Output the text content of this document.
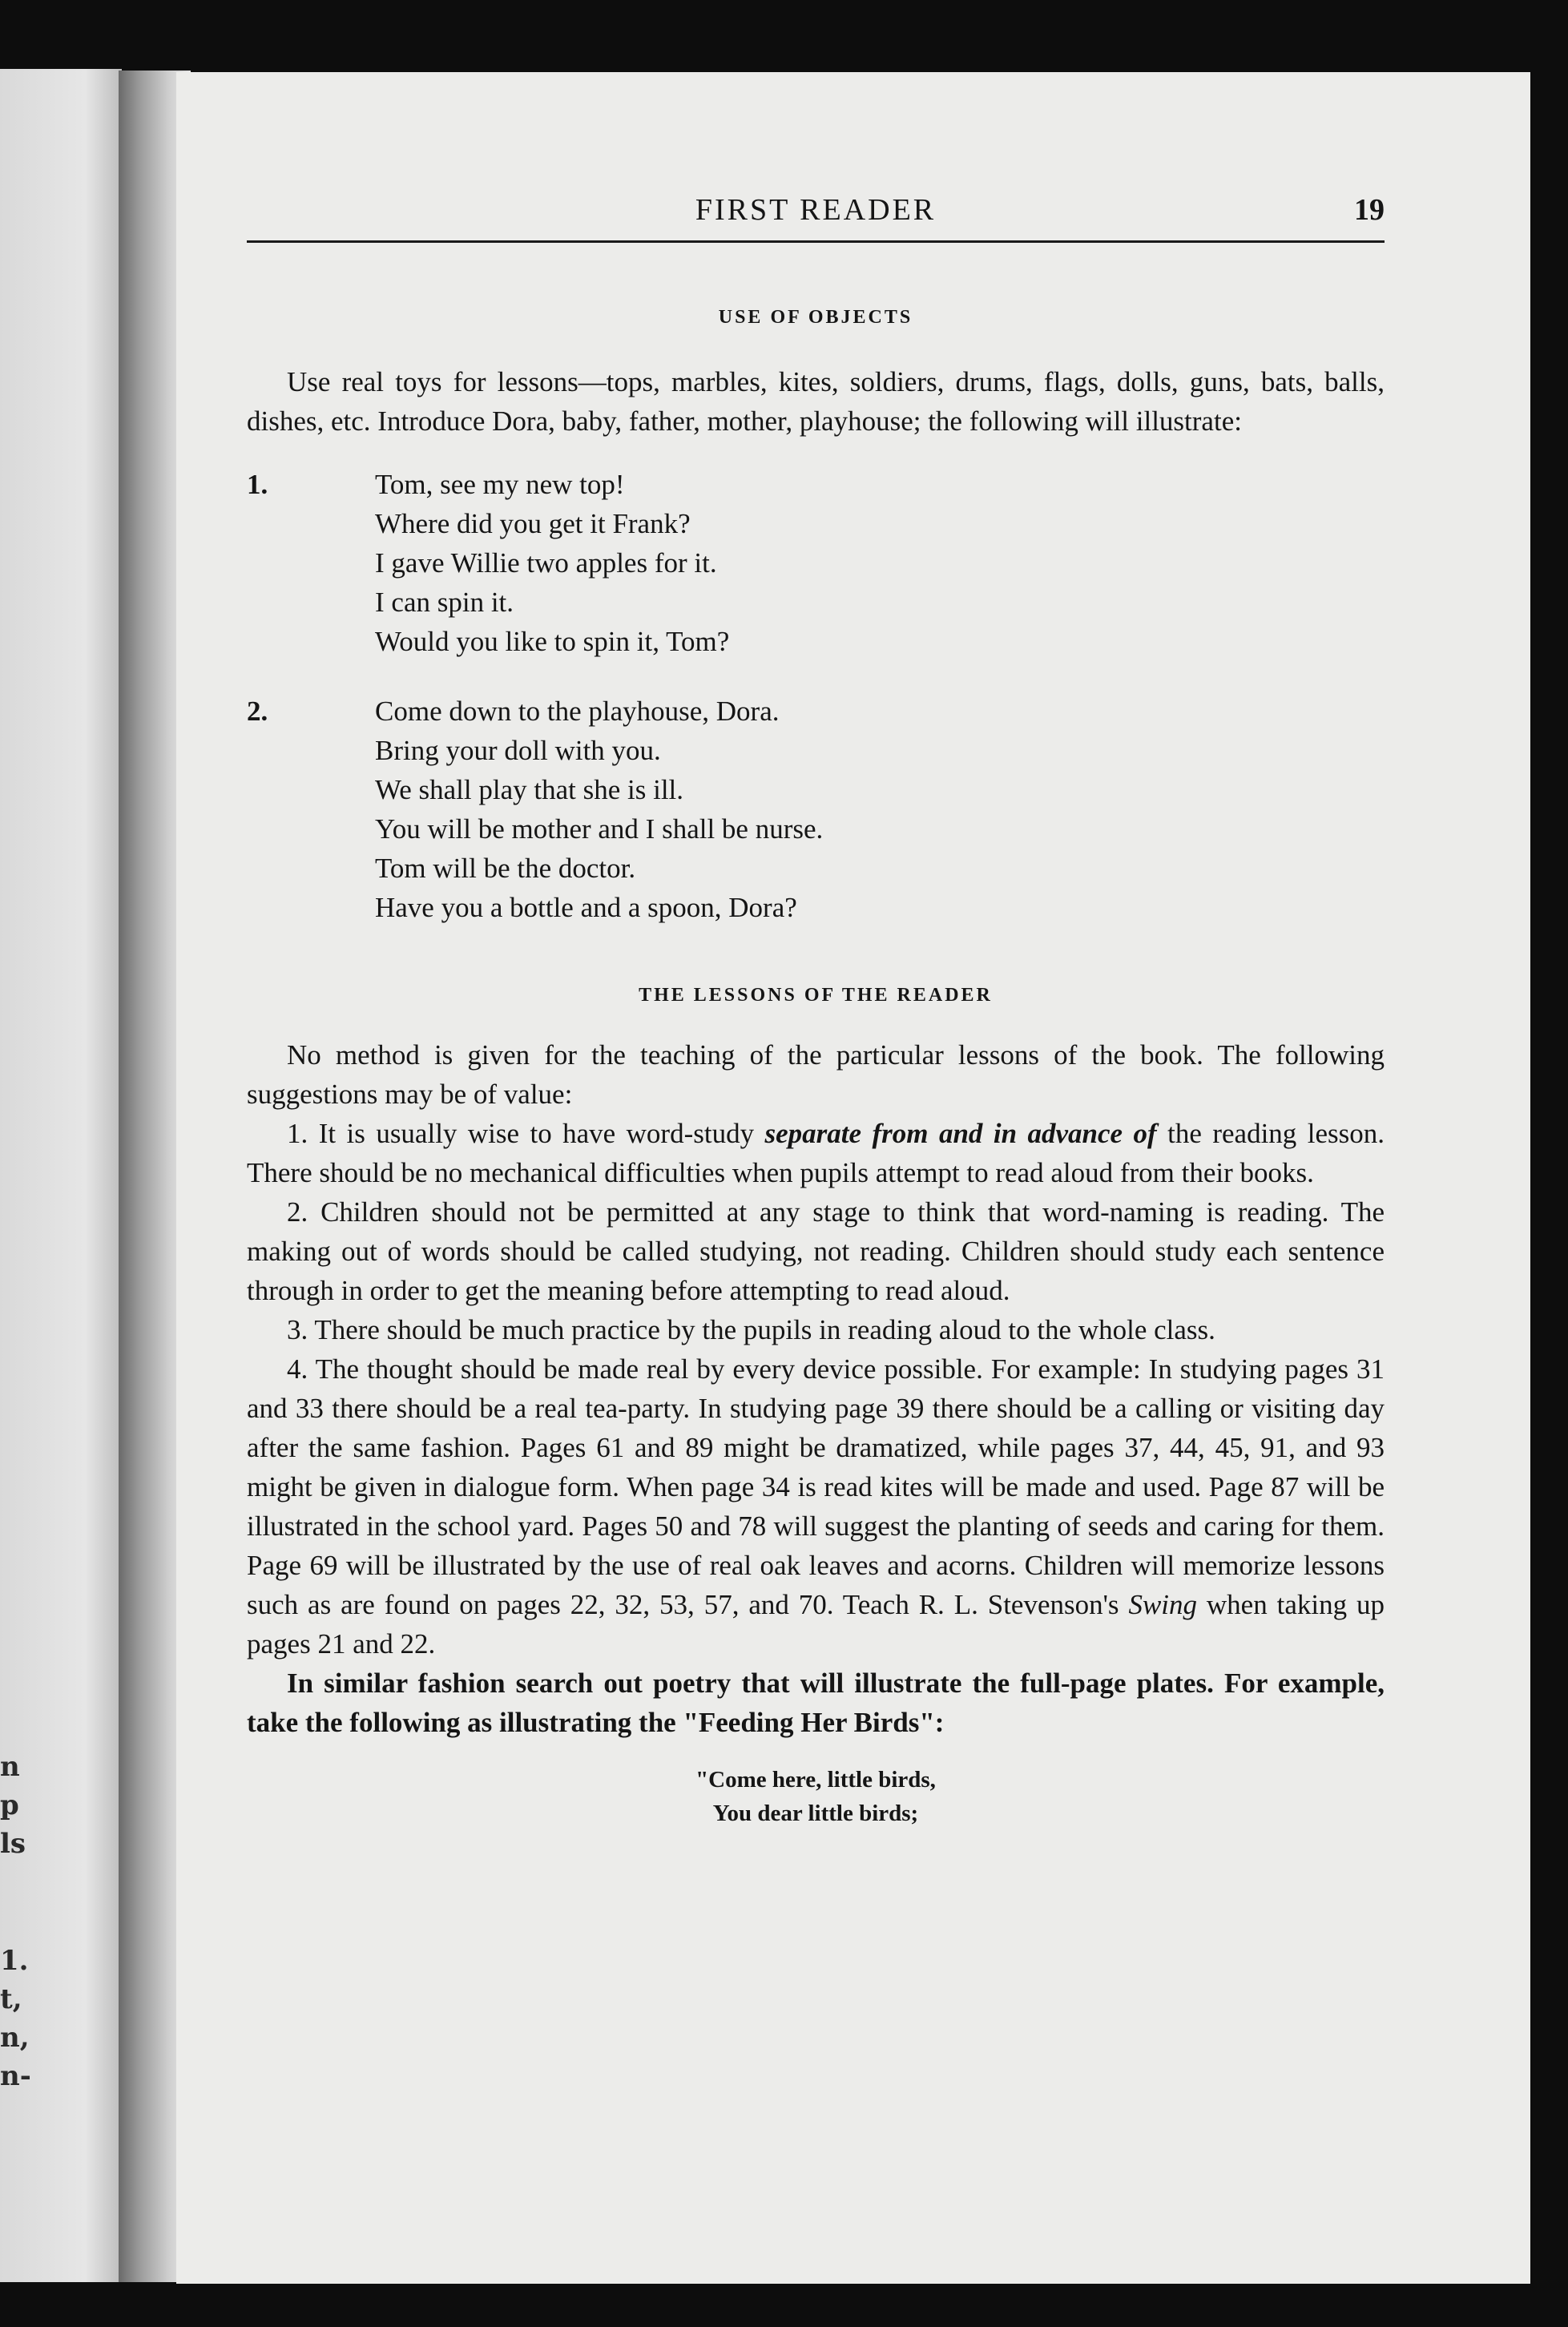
n
p
ls
1.
t,
n,
n-
FIRST READER	19
USE OF OBJECTS

Use real toys for lessons—tops, marbles, kites, soldiers, drums, flags, dolls, guns, bats, balls, dishes, etc. Introduce Dora, baby, father, mother, playhouse; the following will illustrate:

1.	Tom, see my new top!
Where did you get it Frank?
I gave Willie two apples for it.
I can spin it.
Would you like to spin it, Tom?
2.	Come down to the playhouse, Dora.
Bring your doll with you.
We shall play that she is ill.
You will be mother and I shall be nurse.
Tom will be the doctor.
Have you a bottle and a spoon, Dora?
THE LESSONS OF THE READER

No method is given for the teaching of the particular lessons of the book. The following suggestions may be of value:

1. It is usually wise to have word-study separate from and in advance of the reading lesson. There should be no mechanical difficulties when pupils attempt to read aloud from their books.

2. Children should not be permitted at any stage to think that word-naming is reading. The making out of words should be called studying, not reading. Children should study each sentence through in order to get the meaning before attempting to read aloud.

3. There should be much practice by the pupils in reading aloud to the whole class.

4. The thought should be made real by every device possible. For example: In studying pages 31 and 33 there should be a real tea-party. In studying page 39 there should be a calling or visiting day after the same fashion. Pages 61 and 89 might be dramatized, while pages 37, 44, 45, 91, and 93 might be given in dialogue form. When page 34 is read kites will be made and used. Page 87 will be illustrated in the school yard. Pages 50 and 78 will suggest the planting of seeds and caring for them. Page 69 will be illustrated by the use of real oak leaves and acorns. Children will memorize lessons such as are found on pages 22, 32, 53, 57, and 70. Teach R. L. Stevenson's Swing when taking up pages 21 and 22.

In similar fashion search out poetry that will illustrate the full-page plates. For example, take the following as illustrating the "Feeding Her Birds":

"Come here, little birds,
You dear little birds;
